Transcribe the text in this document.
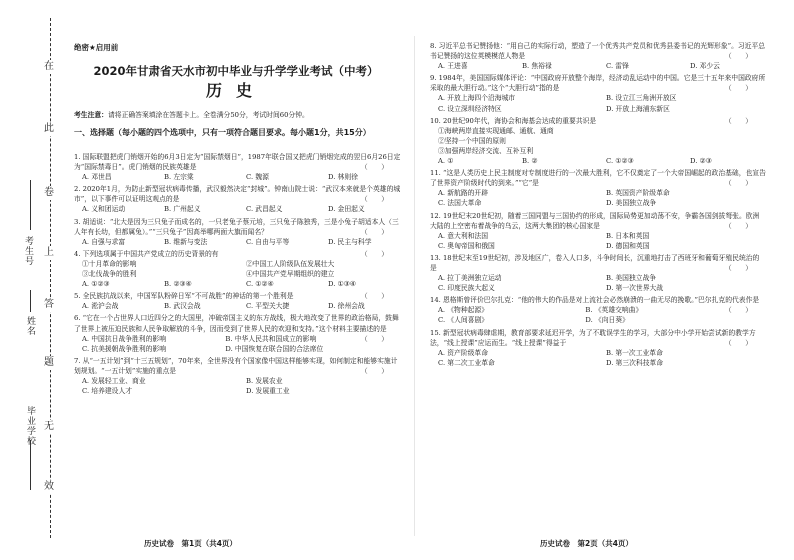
在
此
卷
上
答
题
无
效
考生号
姓名
毕业学校
绝密★启用前
2020年甘肃省天水市初中毕业与升学学业考试（中考）
历史
考生注意：请将正确答案填涂在答题卡上。全卷满分50分，考试时间60分钟。
一、选择题（每小题的四个选项中，只有一项符合题目要求。每小题1分，共15分）
1. 国际联盟把虎门销烟开始的6月3日定为“国际禁烟日”，1987年联合国又把虎门销烟完成的翌日6月26日定为“国际禁毒日”。虎门销烟的民族英雄是	（　　）
A. 邓世昌	B. 左宗棠	C. 魏源	D. 林则徐
2. 2020年1月，为防止新型冠状病毒传播，武汉毅然决定“封城”。钟南山院士说：“武汉本来就是个英雄的城市”，以下事件可以证明这观点的是	（　　）
A. 义和团运动	B. 广州起义	C. 武昌起义	D. 金田起义
3. 胡适说：“北大是因为三只兔子而成名的，一只老兔子蔡元培，三只兔子陈独秀，三是小兔子胡适本人（三人年有长幼，但都属兔）。”“三只兔子”因高举哪两面大旗而闻名？	（　　）
A. 自强与求富	B. 维新与变法	C. 自由与平等	D. 民主与科学
4. 下列选项属于中国共产党成立的历史背景的有	（　　）
①十月革命的影响	②中国工人阶级队伍发展壮大
③北伐战争的胜利	④中国共产党早期组织的建立
A. ①②③	B. ②③④	C. ①②④	D. ①③④
5. 全民族抗战以来，中国军队粉碎日军“不可战胜”的神话的第一个胜利是	（　　）
A. 淞沪会战	B. 武汉会战	C. 平型关大捷	D. 徐州会战
6. “它在一个占世界人口近四分之的大国里，冲破帝国主义的东方战线，极大地改变了世界的政治格局，鼓舞了世界上被压迫民族和人民争取解放的斗争，因而受到了世界人民的欢迎和支持。”这个材料主要描述的是
（　　）
A. 中国抗日战争胜利的影响	B. 中华人民共和国成立的影响
C. 抗美援朝战争胜利的影响	D. 中国恢复在联合国的合法席位
7. 从“一五计划”到“十三五规划”，70年来，全世界没有个国家像中国这样能够实现，如何制定和能够实施计划规划。“一五计划”实施的重点是	（　　）
A. 发展轻工业、商业	B. 发展农业
C. 培养建设人才	D. 发展重工业
历史试卷　第1页（共4页）
8. 习近平总书记赞扬他：“用自己的实际行动，塑造了一个优秀共产党员和优秀县委书记的光辉形象”。习近平总书记赞扬的这位英模模范人物是	（　　）
A. 王进喜	B. 焦裕禄	C. 雷锋	D. 邓少云
9. 1984年，美国国际媒体评论：“中国政府开放整个海岸，经济动乱运动中的中国。它是三十五年来中国政府所采取的最大胆行动。”这个“大胆行动”指的是	（　　）
A. 开放上海四个沿海城市	B. 设立江三角洲开放区
C. 设立深圳经济特区	D. 开放上海浦东新区
10. 20世纪90年代，海协会和海基会达成的重要共识是	（　　）
①海峡两岸直接实现通邮、通航、通商
②坚持一个中国的原则
③加强两岸经济交流、互补互利
A. ①	B. ②	C. ①②③	D. ②③
11. “这是人类历史上民主制度对专制度进行的一次最大胜利，它不仅奠定了一个大帝国崛起的政治基础，也宣告了世界资产阶级时代的到来。”“它”是	（　　）
A. 新航路的开辟	B. 英国资产阶级革命
C. 法国大革命	D. 美国独立战争
12. 19世纪末20世纪初，随着三国同盟与三国协约的形成，国际局势更加动荡不安，争霸各国剑拔弩张。欧洲大陆的上空密布着战争的乌云，这两大集团的核心国家是	（　　）
A. 意大利和法国	B. 日本和英国
C. 奥匈帝国和俄国	D. 德国和英国
13. 18世纪末至19世纪初，涉及地区广，卷入人口多，斗争时间长，沉重地打击了西班牙和葡萄牙殖民统治的是	（　　）
A. 拉丁美洲独立运动	B. 美国独立战争
C. 印度民族大起义	D. 第一次世界大战
14. 恩格斯曾评价巴尔扎克：“他的伟大的作品是对上流社会必然崩溃的一曲无尽的挽歌。”巴尔扎克的代表作是
（　　）
A. 《物种起源》	B. 《英雄交响曲》
C. 《人间喜剧》	D. 《向日葵》
15. 新型冠状病毒肆虐期，教育部要求延迟开学，为了不耽误学生的学习，大部分中小学开始尝试新的教学方法，“线上授课”应运而生。“线上授课”得益于	（　　）
A. 资产阶级革命	B. 第一次工业革命
C. 第二次工业革命	D. 第三次科技革命
历史试卷　第2页（共4页）
